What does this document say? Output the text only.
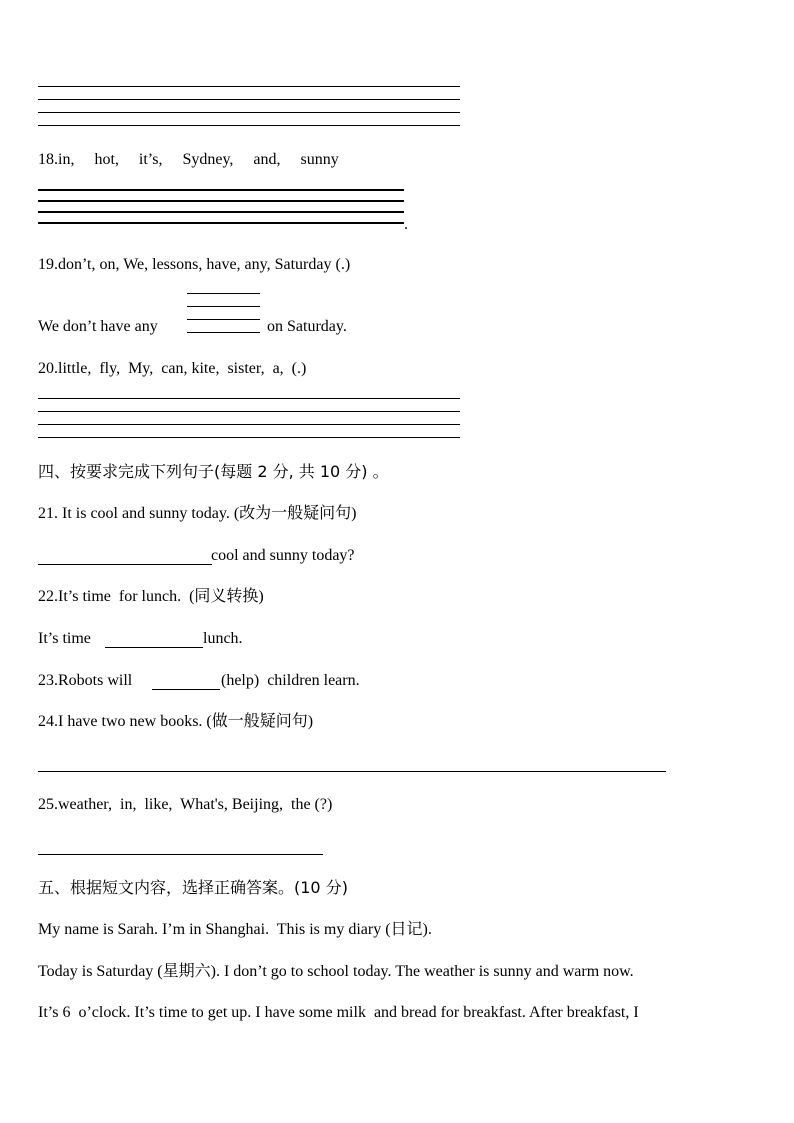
18.in,     hot,     it’s,     Sydney,     and,     sunny
.
19.don’t, on, We, lessons, have, any, Saturday (.)
We don’t have any	on Saturday.
20.little,  fly,  My,  can, kite,  sister,  a,  (.)
四、按要求完成下列句子(每题 2 分, 共 10 分) 。
21. It is cool and sunny today. (改为一般疑问句)
cool and sunny today?
22.It’s time  for lunch.  (同义转换)
It’s time	lunch.
23.Robots will	(help)  children learn.
24.I have two new books. (做一般疑问句)
25.weather,  in,  like,  What's, Beijing,  the (?)
五、根据短文内容，选择正确答案。(10 分)
My name is Sarah. I’m in Shanghai.  This is my diary (日记).
Today is Saturday (星期六). I don’t go to school today. The weather is sunny and warm now.
It’s 6  o’clock. It’s time to get up. I have some milk  and bread for breakfast. After breakfast, I
